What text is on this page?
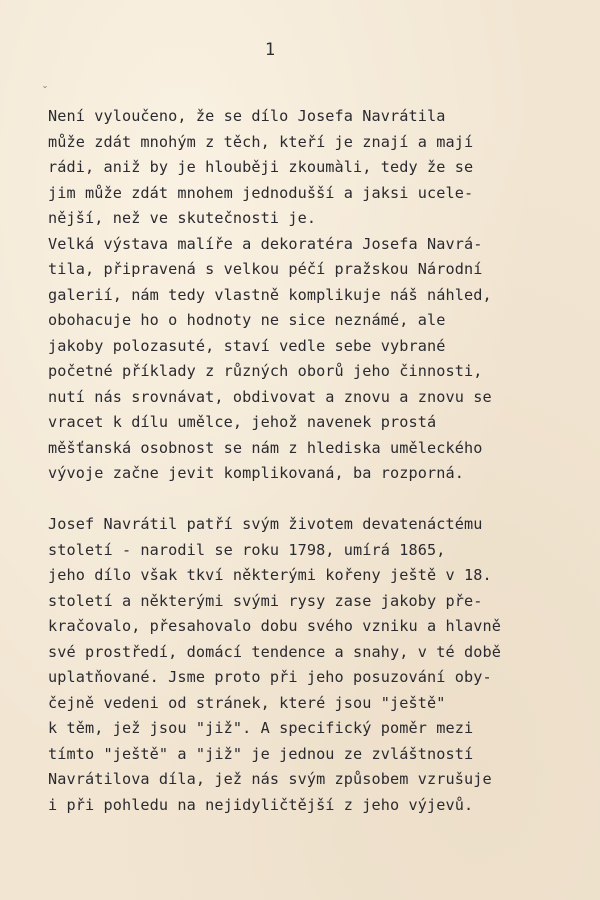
1
˘
Není vyloučeno, že se dílo Josefa Navrátila
může zdát mnohým z těch, kteří je znají a mají
rádi, aniž by je hlouběji zkoumàli, tedy že se
jim může zdát mnohem jednodušší a jaksi ucele-
nější, než ve skutečnosti je.
Velká výstava malíře a dekoratéra Josefa Navrá-
tila, připravená s velkou péčí pražskou Národní
galerií, nám tedy vlastně komplikuje náš náhled,
obohacuje ho o hodnoty ne sice neznámé, ale
jakoby polozasuté, staví vedle sebe vybrané
početné příklady z různých oborů jeho činnosti,
nutí nás srovnávat, obdivovat a znovu a znovu se
vracet k dílu umělce, jehož navenek prostá
měšťanská osobnost se nám z hlediska uměleckého
vývoje začne jevit komplikovaná, ba rozporná.
Josef Navrátil patří svým životem devatenáctému
století - narodil se roku 1798, umírá 1865,
jeho dílo však tkví některými kořeny ještě v 18.
století a některými svými rysy zase jakoby pře-
kračovalo, přesahovalo dobu svého vzniku a hlavně
své prostředí, domácí tendence a snahy, v té době
uplatňované. Jsme proto při jeho posuzování oby-
čejně vedeni od stránek, které jsou "ještě"
k těm, jež jsou "již". A specifický poměr mezi
tímto "ještě" a "již" je jednou ze zvláštností
Navrátilova díla, jež nás svým způsobem vzrušuje
i při pohledu na nejidyličtější z jeho výjevů.
